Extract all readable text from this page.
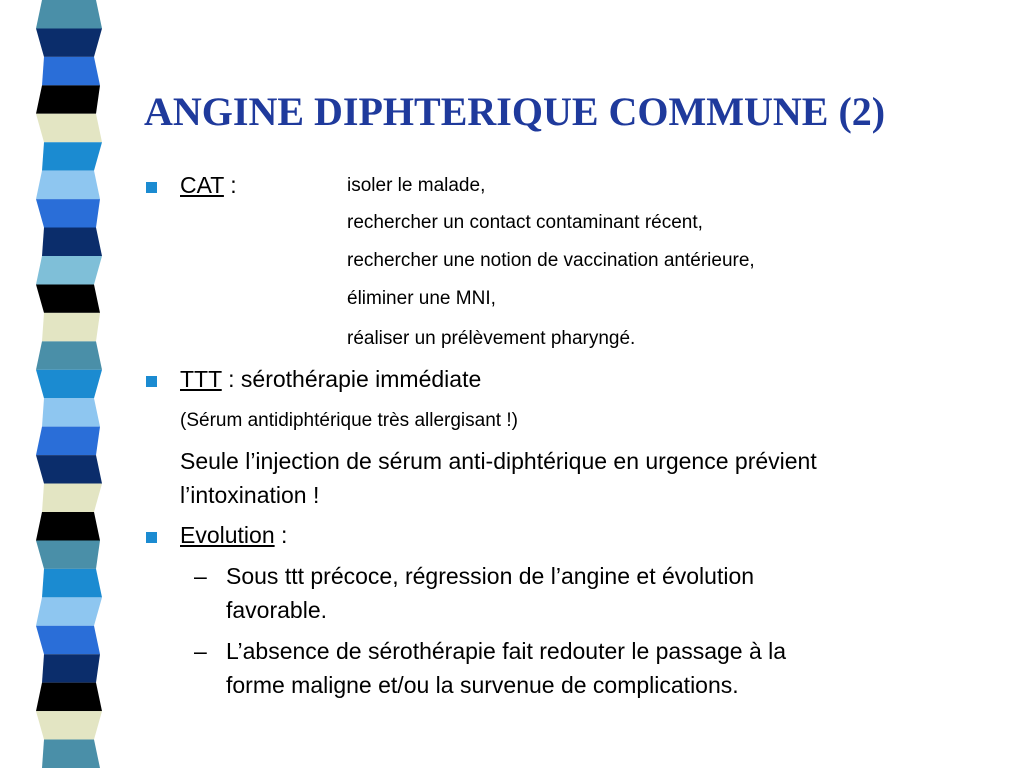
ANGINE DIPHTERIQUE COMMUNE (2)
CAT :	isoler le malade,
rechercher un contact contaminant récent,
rechercher une notion de vaccination antérieure,
éliminer une MNI,
réaliser un prélèvement pharyngé.
TTT : sérothérapie immédiate
(Sérum antidiphtérique très allergisant !)
Seule l’injection de sérum anti-diphtérique en urgence prévient
l’intoxination !
Evolution :
– Sous ttt précoce, régression de l’angine et évolution
favorable.
– L’absence de sérothérapie fait redouter le passage à la
forme maligne et/ou la survenue de complications.
